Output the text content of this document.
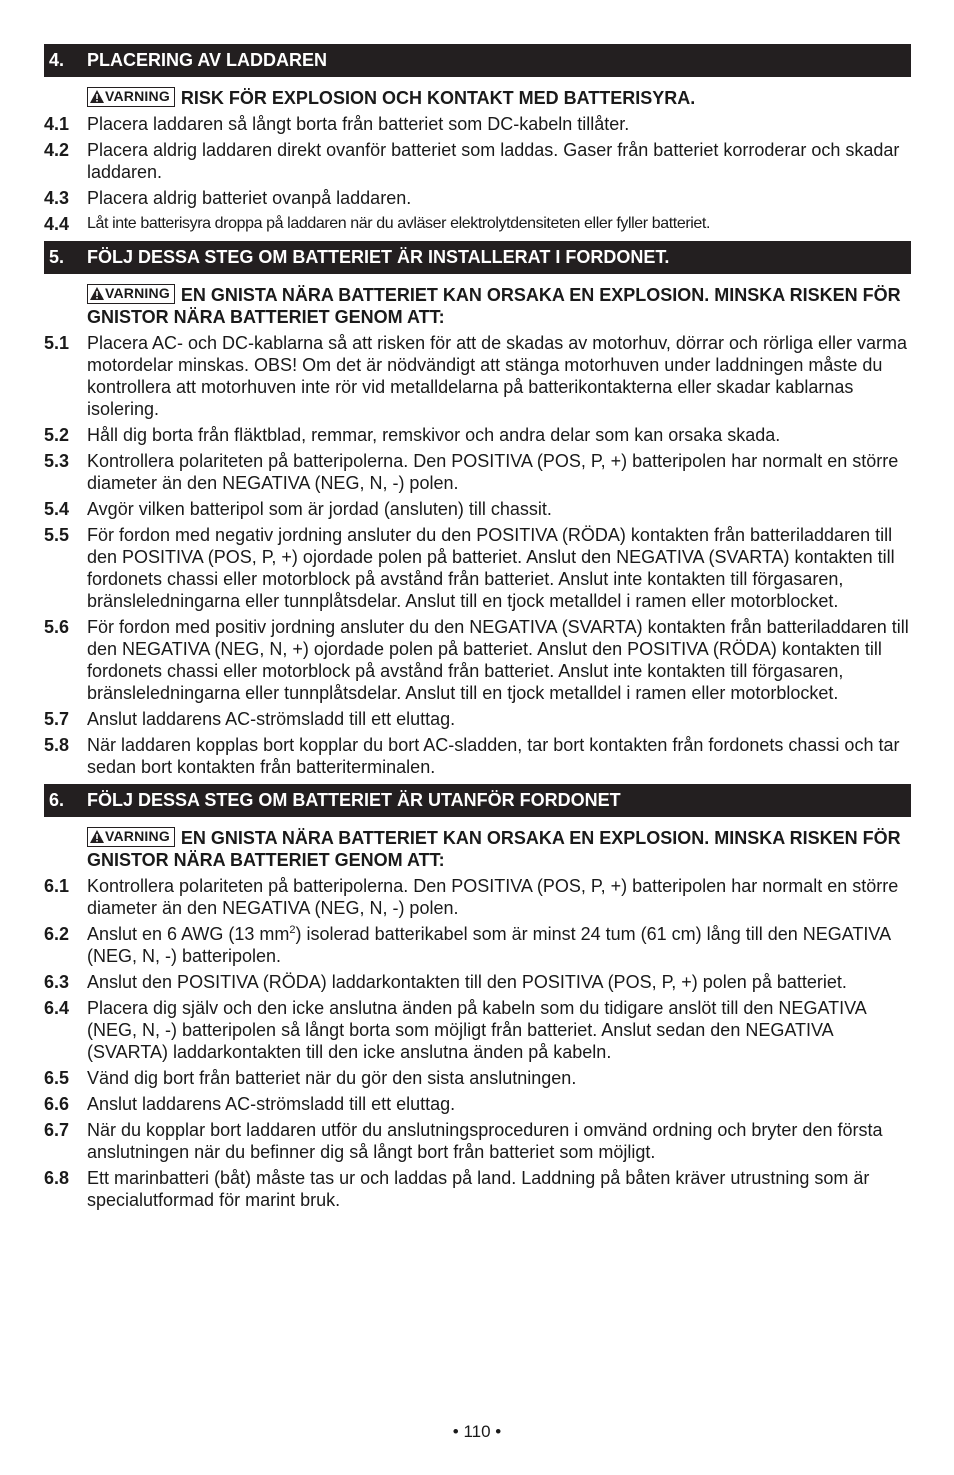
4.	PLACERING AV LADDAREN
VARNING RISK FÖR EXPLOSION OCH KONTAKT MED BATTERISYRA.
4.1 Placera laddaren så långt borta från batteriet som DC-kabeln tillåter.
4.2 Placera aldrig laddaren direkt ovanför batteriet som laddas. Gaser från batteriet korroderar och skadar laddaren.
4.3 Placera aldrig batteriet ovanpå laddaren.
4.4	Låt inte batterisyra droppa på laddaren när du avläser elektrolytdensiteten eller fyller batteriet.
5.	FÖLJ DESSA STEG OM BATTERIET ÄR INSTALLERAT I FORDONET.
VARNING EN GNISTA NÄRA BATTERIET KAN ORSAKA EN EXPLOSION. MINSKA RISKEN FÖR GNISTOR NÄRA BATTERIET GENOM ATT:
5.1 Placera AC- och DC-kablarna så att risken för att de skadas av motorhuv, dörrar och rörliga eller varma motordelar minskas. OBS! Om det är nödvändigt att stänga motorhuven under laddningen måste du kontrollera att motorhuven inte rör vid metalldelarna på batterikontakterna eller skadar kablarnas isolering.
5.2 Håll dig borta från fläktblad, remmar, remskivor och andra delar som kan orsaka skada.
5.3 Kontrollera polariteten på batteripolerna. Den POSITIVA (POS, P, +) batteripolen har normalt en större diameter än den NEGATIVA (NEG, N, -) polen.
5.4 Avgör vilken batteripol som är jordad (ansluten) till chassit.
5.5 För fordon med negativ jordning ansluter du den POSITIVA (RÖDA) kontakten från batteriladdaren till den POSITIVA (POS, P, +) ojordade polen på batteriet. Anslut den NEGATIVA (SVARTA) kontakten till fordonets chassi eller motorblock på avstånd från batteriet. Anslut inte kontakten till förgasaren, bränsleledningarna eller tunnplåtsdelar. Anslut till en tjock metalldel i ramen eller motorblocket.
5.6 För fordon med positiv jordning ansluter du den NEGATIVA (SVARTA) kontakten från batteriladdaren till den NEGATIVA (NEG, N, +) ojordade polen på batteriet. Anslut den POSITIVA (RÖDA) kontakten till fordonets chassi eller motorblock på avstånd från batteriet. Anslut inte kontakten till förgasaren, bränsleledningarna eller tunnplåtsdelar. Anslut till en tjock metalldel i ramen eller motorblocket.
5.7 Anslut laddarens AC-strömsladd till ett eluttag.
5.8 När laddaren kopplas bort kopplar du bort AC-sladden, tar bort kontakten från fordonets chassi och tar sedan bort kontakten från batteriterminalen.
6.	FÖLJ DESSA STEG OM BATTERIET ÄR UTANFÖR FORDONET
VARNING EN GNISTA NÄRA BATTERIET KAN ORSAKA EN EXPLOSION. MINSKA RISKEN FÖR GNISTOR NÄRA BATTERIET GENOM ATT:
6.1 Kontrollera polariteten på batteripolerna. Den POSITIVA (POS, P, +) batteripolen har normalt en större diameter än den NEGATIVA (NEG, N, -) polen.
6.2 Anslut en 6 AWG (13 $mm^2$) isolerad batterikabel som är minst 24 tum (61 cm) lång till den NEGATIVA (NEG, N, -) batteripolen.
6.3 Anslut den POSITIVA (RÖDA) laddarkontakten till den POSITIVA (POS, P, +) polen på batteriet.
6.4 Placera dig själv och den icke anslutna änden på kabeln som du tidigare anslöt till den NEGATIVA (NEG, N, -) batteripolen så långt borta som möjligt från batteriet. Anslut sedan den NEGATIVA (SVARTA) laddarkontakten till den icke anslutna änden på kabeln.
6.5 Vänd dig bort från batteriet när du gör den sista anslutningen.
6.6 Anslut laddarens AC-strömsladd till ett eluttag.
6.7 När du kopplar bort laddaren utför du anslutningsproceduren i omvänd ordning och bryter den första anslutningen när du befinner dig så långt bort från batteriet som möjligt.
6.8 Ett marinbatteri (båt) måste tas ur och laddas på land. Laddning på båten kräver utrustning som är specialutformad för marint bruk.
• 110 •
